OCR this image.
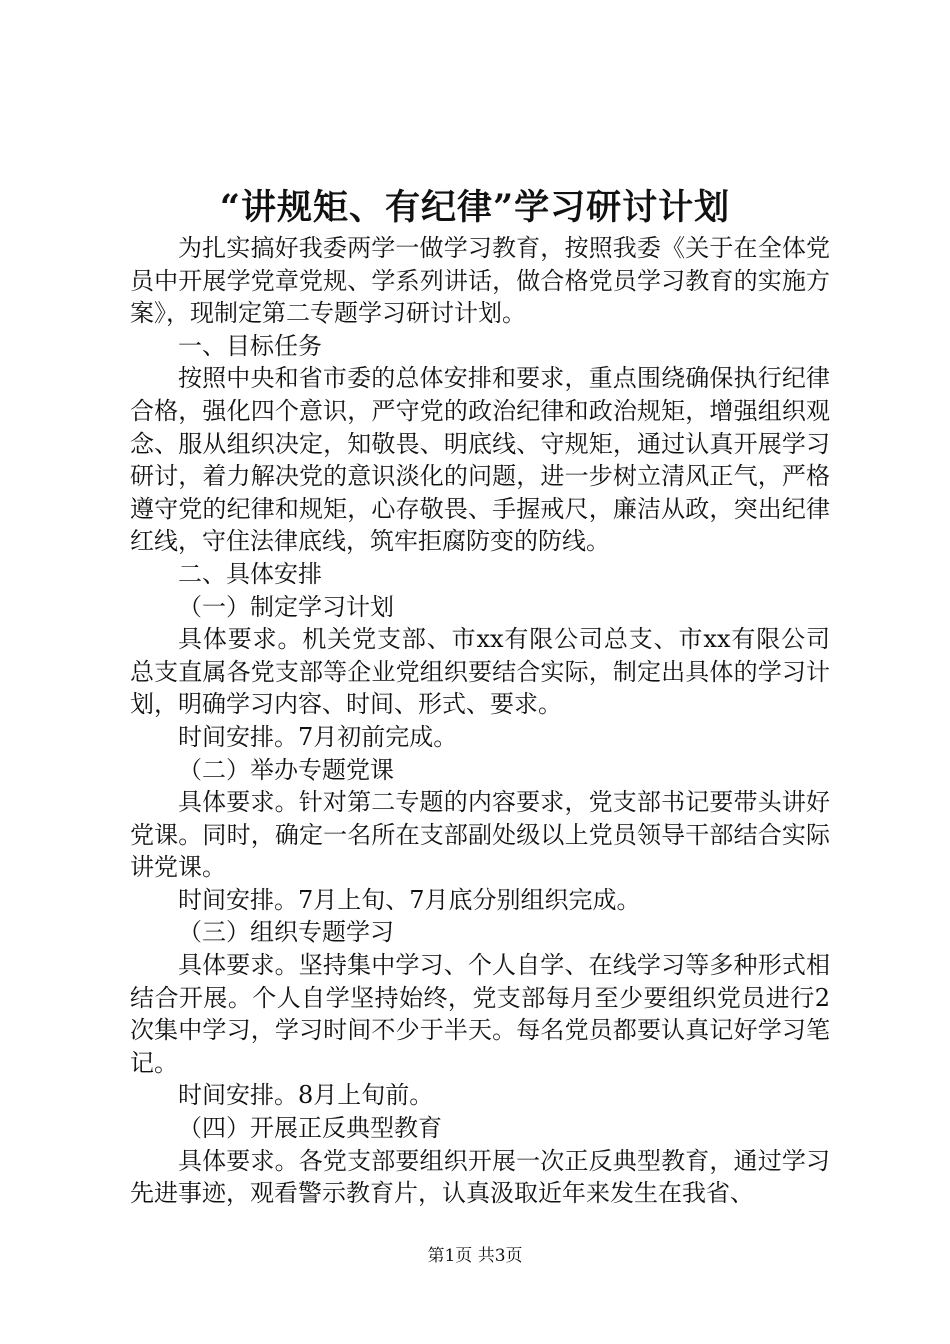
“讲规矩、有纪律”学习研讨计划

为扎实搞好我委两学一做学习教育，按照我委《关于在全体党员中开展学党章党规、学系列讲话，做合格党员学习教育的实施方案》，现制定第二专题学习研讨计划。

一、目标任务

按照中央和省市委的总体安排和要求，重点围绕确保执行纪律合格，强化四个意识，严守党的政治纪律和政治规矩，增强组织观念、服从组织决定，知敬畏、明底线、守规矩，通过认真开展学习研讨，着力解决党的意识淡化的问题，进一步树立清风正气，严格遵守党的纪律和规矩，心存敬畏、手握戒尺，廉洁从政，突出纪律红线，守住法律底线，筑牢拒腐防变的防线。

二、具体安排

（一）制定学习计划

具体要求。机关党支部、市xx有限公司总支、市xx有限公司总支直属各党支部等企业党组织要结合实际，制定出具体的学习计划，明确学习内容、时间、形式、要求。

时间安排。7月初前完成。

（二）举办专题党课

具体要求。针对第二专题的内容要求，党支部书记要带头讲好党课。同时，确定一名所在支部副处级以上党员领导干部结合实际讲党课。

时间安排。7月上旬、7月底分别组织完成。

（三）组织专题学习

具体要求。坚持集中学习、个人自学、在线学习等多种形式相结合开展。个人自学坚持始终，党支部每月至少要组织党员进行2次集中学习，学习时间不少于半天。每名党员都要认真记好学习笔记。

时间安排。8月上旬前。

（四）开展正反典型教育

具体要求。各党支部要组织开展一次正反典型教育，通过学习先进事迹，观看警示教育片，认真汲取近年来发生在我省、

第1页 共3页
